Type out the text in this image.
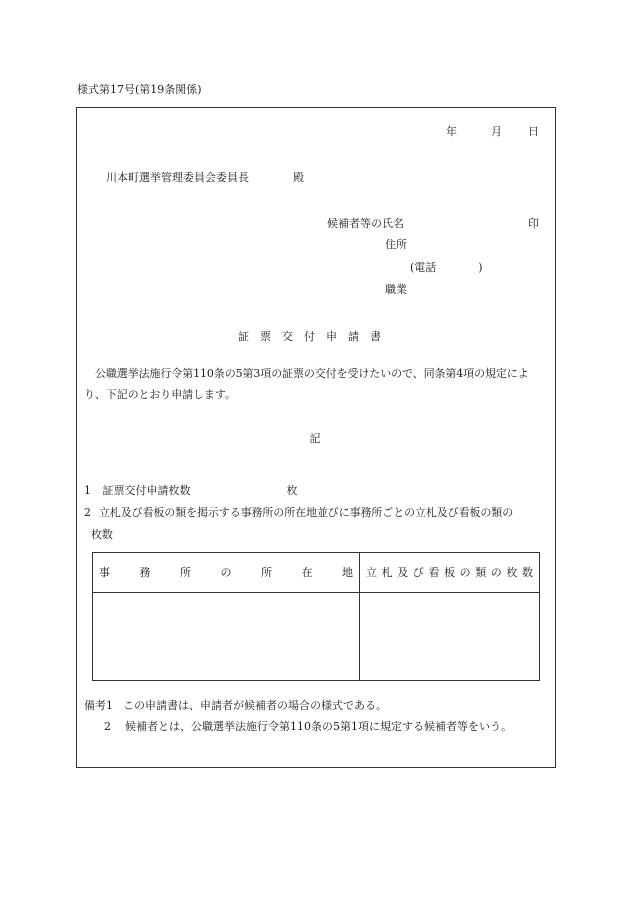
様式第17号(第19条関係)
年	月 日
川本町選挙管理委員会委員長	殿
候補者等の氏名	印
住所
(電話	)
職業
証票交付申請書
公職選挙法施行令第110条の5第3項の証票の交付を受けたいので、同条第4項の規定により、下記のとおり申請します。
記
1 証票交付申請枚数	枚
2 立札及び看板の類を掲示する事務所の所在地並びに事務所ごとの立札及び看板の類の
枚数
事務所の所在地	立札及び看板の類の枚数

備考1 この申請書は、申請者が候補者の場合の様式である。
2 候補者とは、公職選挙法施行令第110条の5第1項に規定する候補者等をいう。
